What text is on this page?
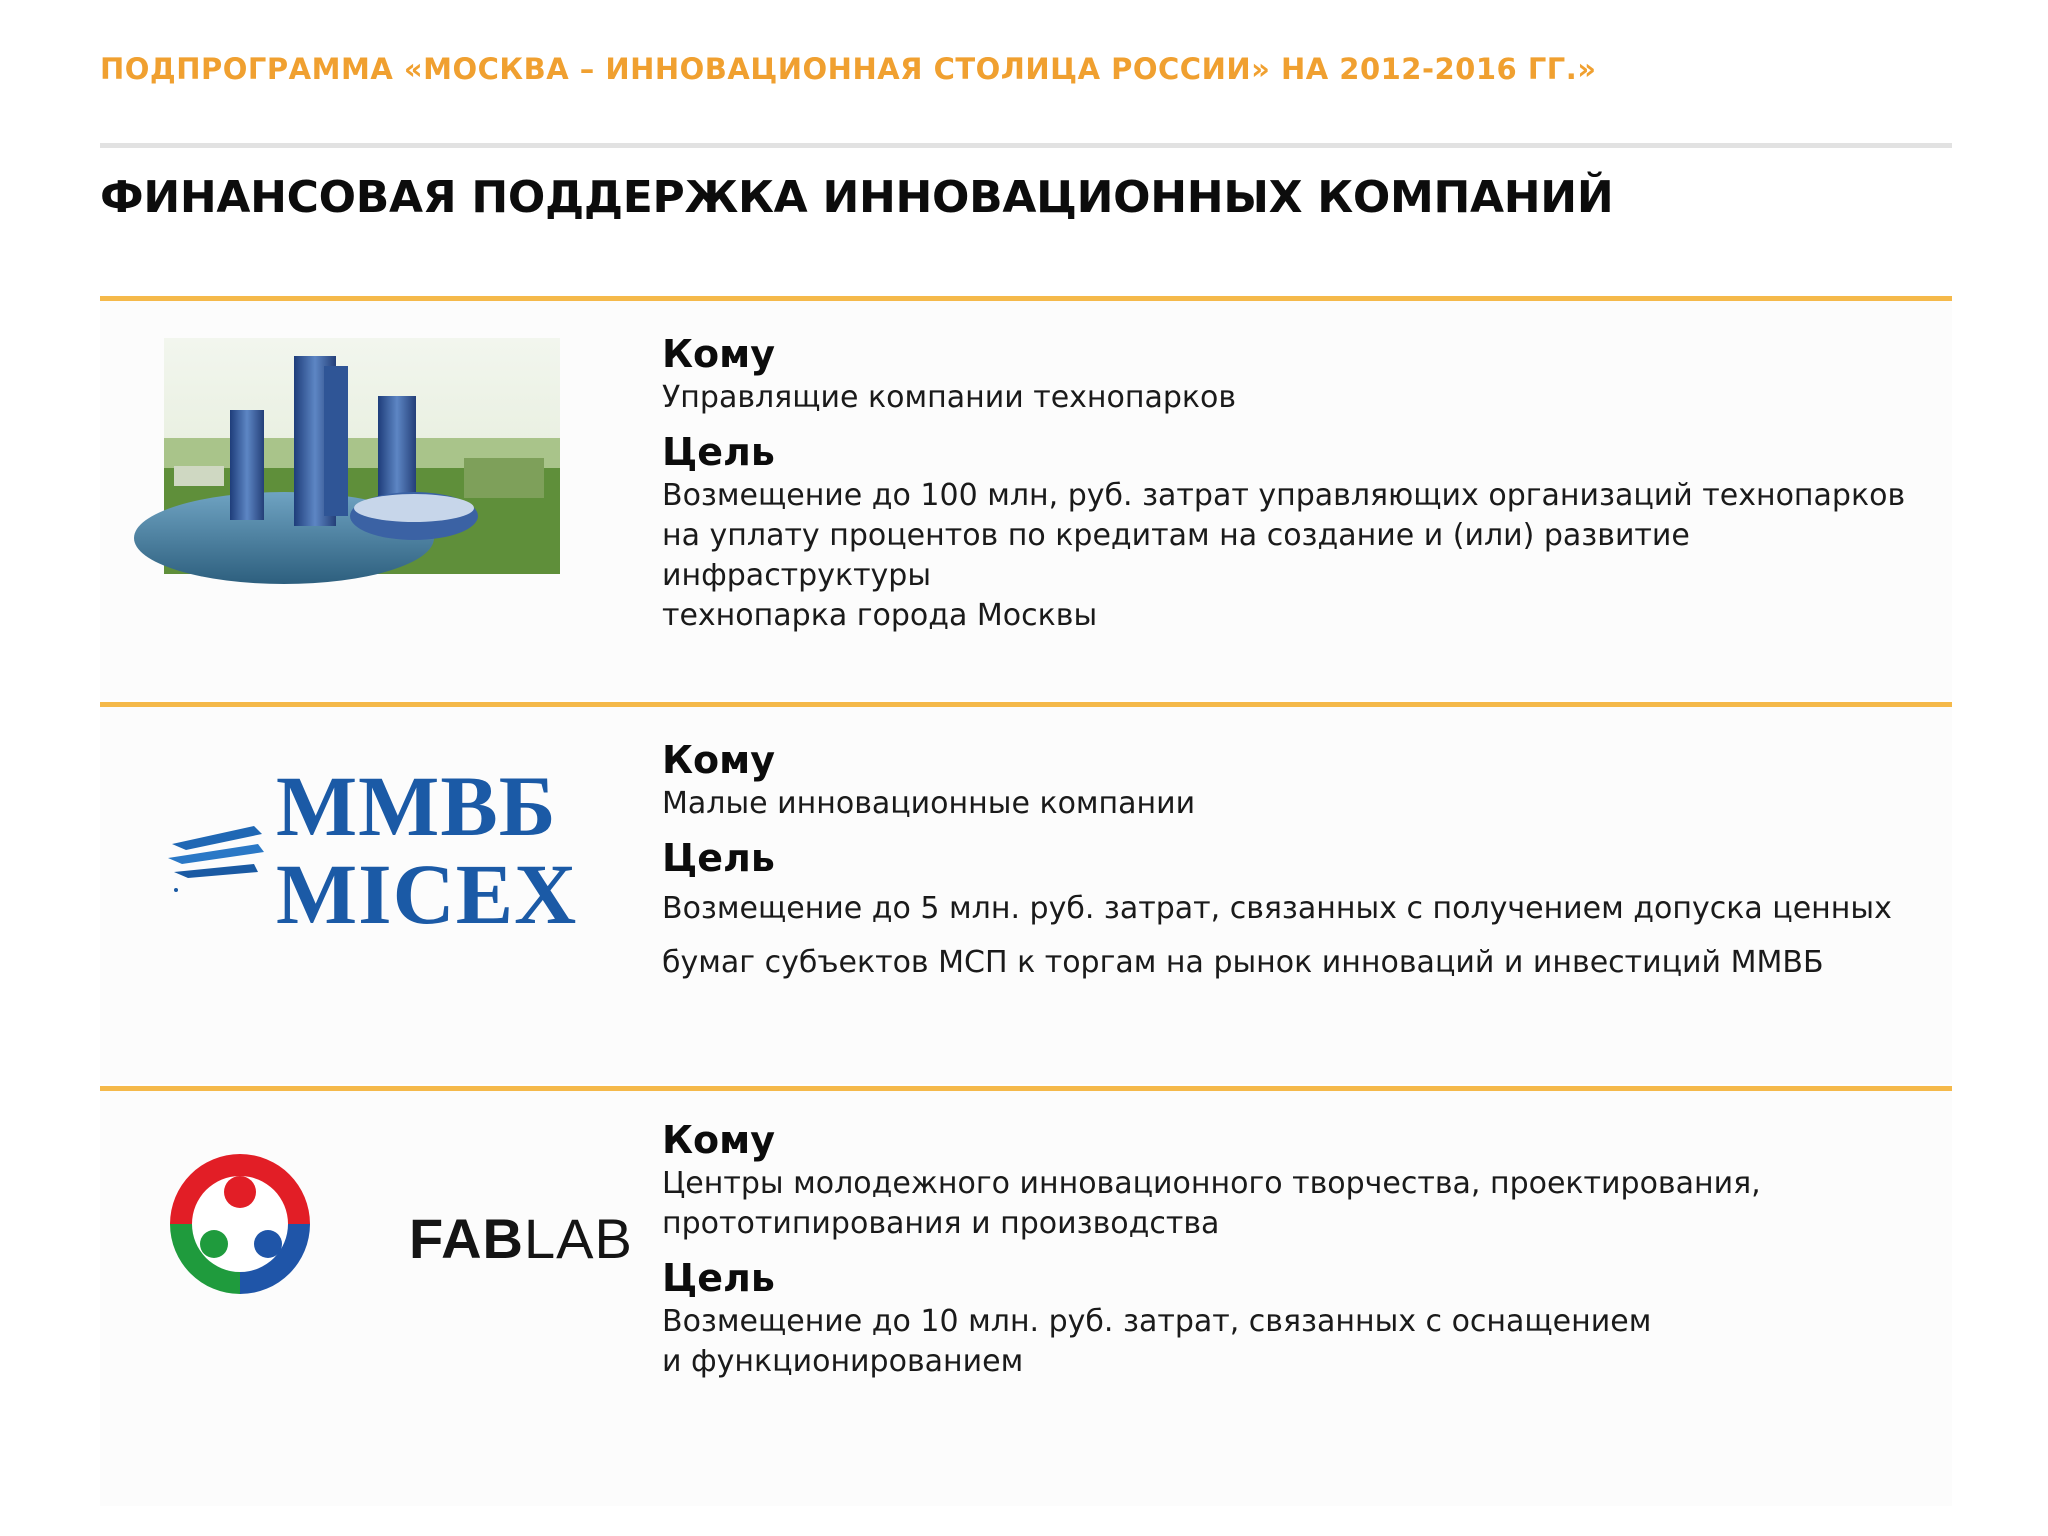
ПОДПРОГРАММА «МОСКВА – ИННОВАЦИОННАЯ СТОЛИЦА РОССИИ» НА 2012-2016 ГГ.»
ФИНАНСОВАЯ ПОДДЕРЖКА ИННОВАЦИОННЫХ КОМПАНИЙ
Кому
Управлящие компании технопарков
Цель
Возмещение до 100 млн, руб. затрат управляющих организаций технопарков
на уплату процентов по кредитам на создание и (или) развитие инфраструктуры
технопарка города Москвы
ММВБ
MICEX
Кому
Малые инновационные компании
Цель
Возмещение до 5 млн. руб. затрат, связанных с получением допуска ценных
бумаг субъектов МСП к торгам на рынок инноваций и инвестиций ММВБ
FABLAB
Кому
Центры молодежного инновационного творчества, проектирования,
прототипирования и производства
Цель
Возмещение до 10 млн. руб. затрат, связанных с оснащением
и функционированием
